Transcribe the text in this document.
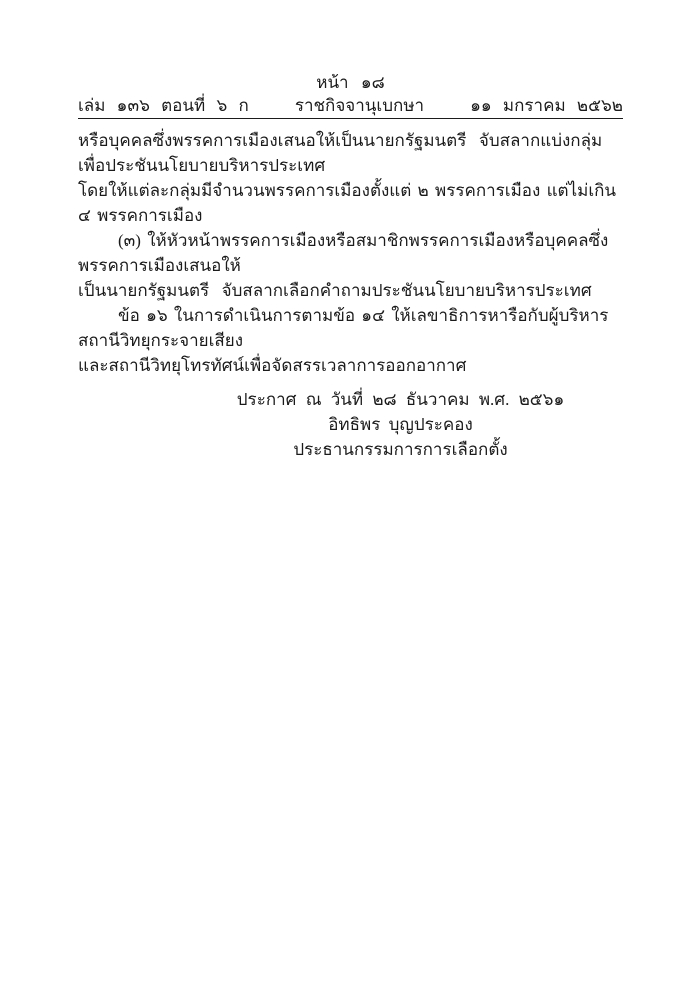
หน้า ๑๘
เล่ม ๑๓๖ ตอนที่ ๖ ก	ราชกิจจานุเบกษา	๑๑ มกราคม ๒๕๖๒

หรือบุคคลซึ่งพรรคการเมืองเสนอให้เป็นนายกรัฐมนตรี  จับสลากแบ่งกลุ่มเพื่อประชันนโยบายบริหารประเทศ

โดยให้แต่ละกลุ่มมีจำนวนพรรคการเมืองตั้งแต่ ๒ พรรคการเมือง แต่ไม่เกิน ๔ พรรคการเมือง

(๓) ให้หัวหน้าพรรคการเมืองหรือสมาชิกพรรคการเมืองหรือบุคคลซึ่งพรรคการเมืองเสนอให้

เป็นนายกรัฐมนตรี  จับสลากเลือกคำถามประชันนโยบายบริหารประเทศ

ข้อ ๑๖ ในการดำเนินการตามข้อ ๑๔ ให้เลขาธิการหารือกับผู้บริหารสถานีวิทยุกระจายเสียง

และสถานีวิทยุโทรทัศน์เพื่อจัดสรรเวลาการออกอากาศ

ประกาศ ณ วันที่ ๒๘ ธันวาคม พ.ศ. ๒๕๖๑
อิทธิพร บุญประคอง
ประธานกรรมการการเลือกตั้ง
